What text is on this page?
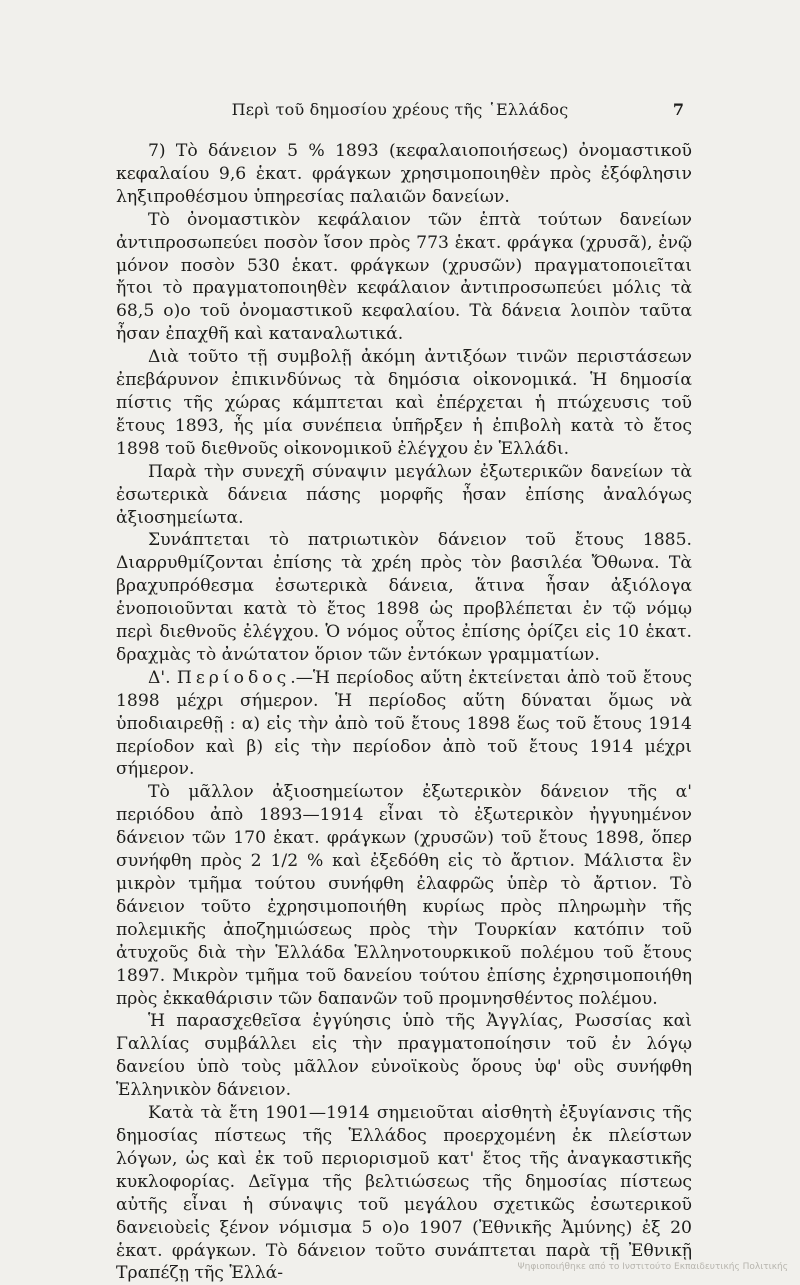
Περὶ τοῦ δημοσίου χρέους τῆς ῾Ελλάδος	7

7) Τὸ δάνειον 5 % 1893 (κεφαλαιοποιήσεως) ὀνομαστικοῦ κεφαλαίου 9,6 ἑκατ. φράγκων χρησιμοποιηθὲν πρὸς ἐξόφλησιν ληξιπροθέσμου ὑπηρεσίας παλαιῶν δανείων.

Τὸ ὀνομαστικὸν κεφάλαιον τῶν ἑπτὰ τούτων δανείων ἀντιπροσωπεύει ποσὸν ἴσον πρὸς 773 ἑκατ. φράγκα (χρυσᾶ), ἐνῷ μόνον ποσὸν 530 ἑκατ. φράγκων (χρυσῶν) πραγματοποιεῖται ἤτοι τὸ πραγματοποιηθὲν κεφάλαιον ἀντιπροσωπεύει μόλις τὰ 68,5 ο)ο τοῦ ὀνομαστικοῦ κεφαλαίου. Τὰ δάνεια λοιπὸν ταῦτα ἦσαν ἐπαχθῆ καὶ καταναλωτικά.

Διὰ τοῦτο τῇ συμβολῇ ἀκόμη ἀντιξόων τινῶν περιστάσεων ἐπεβάρυνον ἐπικινδύνως τὰ δημόσια οἰκονομικά. Ἡ δημοσία πίστις τῆς χώρας κάμπτεται καὶ ἐπέρχεται ἡ πτώχευσις τοῦ ἔτους 1893, ἧς μία συνέπεια ὑπῆρξεν ἡ ἐπιβολὴ κατὰ τὸ ἔτος 1898 τοῦ διεθνοῦς οἰκονομικοῦ ἐλέγχου ἐν Ἑλλάδι.

Παρὰ τὴν συνεχῆ σύναψιν μεγάλων ἐξωτερικῶν δανείων τὰ ἐσωτερικὰ δάνεια πάσης μορφῆς ἦσαν ἐπίσης ἀναλόγως ἀξιοσημείωτα.

Συνάπτεται τὸ πατριωτικὸν δάνειον τοῦ ἔτους 1885. Διαρρυθμίζονται ἐπίσης τὰ χρέη πρὸς τὸν βασιλέα Ὄθωνα. Τὰ βραχυπρόθεσμα ἐσωτερικὰ δάνεια, ἅτινα ἦσαν ἀξιόλογα ἑνοποιοῦνται κατὰ τὸ ἔτος 1898 ὡς προβλέπεται ἐν τῷ νόμῳ περὶ διεθνοῦς ἐλέγχου. Ὁ νόμος οὗτος ἐπίσης ὁρίζει εἰς 10 ἑκατ. δραχμὰς τὸ ἀνώτατον ὅριον τῶν ἐντόκων γραμματίων.

Δ'. Περίοδος.—Ἡ περίοδος αὕτη ἐκτείνεται ἀπὸ τοῦ ἔτους 1898 μέχρι σήμερον. Ἡ περίοδος αὕτη δύναται ὅμως νὰ ὑποδιαιρεθῇ : α) εἰς τὴν ἀπὸ τοῦ ἔτους 1898 ἕως τοῦ ἔτους 1914 περίοδον καὶ β) εἰς τὴν περίοδον ἀπὸ τοῦ ἔτους 1914 μέχρι σήμερον.

Τὸ μᾶλλον ἀξιοσημείωτον ἐξωτερικὸν δάνειον τῆς α' περιόδου ἀπὸ 1893—1914 εἶναι τὸ ἐξωτερικὸν ἠγγυημένον δάνειον τῶν 170 ἑκατ. φράγκων (χρυσῶν) τοῦ ἔτους 1898, ὅπερ συνήφθη πρὸς 2 1/2 % καὶ ἐξεδόθη εἰς τὸ ἄρτιον. Μάλιστα ἓν μικρὸν τμῆμα τούτου συνήφθη ἐλαφρῶς ὑπὲρ τὸ ἄρτιον. Τὸ δάνειον τοῦτο ἐχρησιμοποιήθη κυρίως πρὸς πληρωμὴν τῆς πολεμικῆς ἀποζημιώσεως πρὸς τὴν Τουρκίαν κατόπιν τοῦ ἀτυχοῦς διὰ τὴν Ἑλλάδα Ἑλληνοτουρκικοῦ πολέμου τοῦ ἔτους 1897. Μικρὸν τμῆμα τοῦ δανείου τούτου ἐπίσης ἐχρησιμοποιήθη πρὸς ἐκκαθάρισιν τῶν δαπανῶν τοῦ προμνησθέντος πολέμου.

Ἡ παρασχεθεῖσα ἐγγύησις ὑπὸ τῆς Ἀγγλίας, Ρωσσίας καὶ Γαλλίας συμβάλλει εἰς τὴν πραγματοποίησιν τοῦ ἐν λόγῳ δανείου ὑπὸ τοὺς μᾶλλον εὐνοϊκοὺς ὅρους ὑφ' οὓς συνήφθη Ἑλληνικὸν δάνειον.

Κατὰ τὰ ἔτη 1901—1914 σημειοῦται αἰσθητὴ ἐξυγίανσις τῆς δημοσίας πίστεως τῆς Ἑλλάδος προερχομένη ἐκ πλείστων λόγων, ὡς καὶ ἐκ τοῦ περιορισμοῦ κατ' ἔτος τῆς ἀναγκαστικῆς κυκλοφορίας. Δεῖγμα τῆς βελτιώσεως τῆς δημοσίας πίστεως αὐτῆς εἶναι ἡ σύναψις τοῦ μεγάλου σχετικῶς ἐσωτερικοῦ δανειοὺεἰς ξένον νόμισμα 5 ο)ο 1907 (Ἐθνικῆς Ἀμύνης) ἐξ 20 ἑκατ. φράγκων. Τὸ δάνειον τοῦτο συνάπτεται παρὰ τῇ Ἐθνικῇ Τραπέζῃ τῆς Ἑλλά-	Ψηφιοποιήθηκε από το Ινστιτούτο Εκπαιδευτικής Πολιτικής
